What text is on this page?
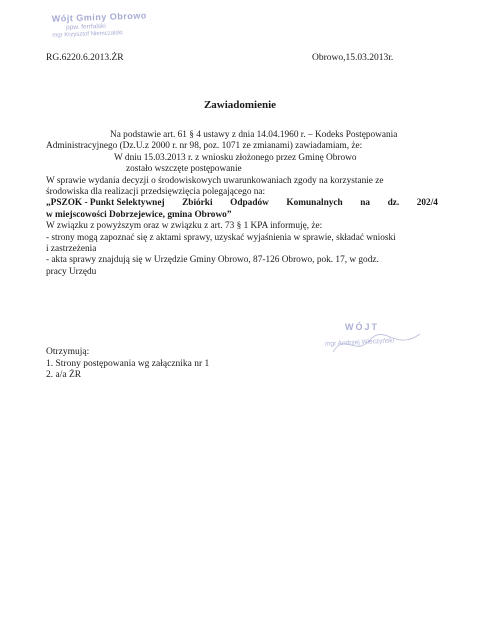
Wójt Gminy Obrowo
ppw. ferrfalski
mgr Krzysztof Niemczalski
RG.6220.6.2013.ŻR	Obrowo,15.03.2013r.
Zawiadomienie
Na podstawie art. 61 § 4 ustawy z dnia 14.04.1960 r. – Kodeks Postępowania
Administracyjnego (Dz.U.z 2000 r. nr 98, poz. 1071 ze zmianami) zawiadamiam, że:
W dniu 15.03.2013 r. z wniosku złożonego przez Gminę Obrowo
zostało wszczęte postępowanie
W sprawie wydania decyzji o środowiskowych uwarunkowaniach zgody na korzystanie ze
środowiska dla realizacji przedsięwzięcia polegającego na:
„PSZOK - Punkt Selektywnej Zbiórki Odpadów Komunalnych na dz. 202/4
w miejscowości Dobrzejewice, gmina Obrowo”
W związku z powyższym oraz w związku z art. 73 § 1 KPA informuję, że:
- strony mogą zapoznać się z aktami sprawy, uzyskać wyjaśnienia w sprawie, składać wnioski
i zastrzeżenia
- akta sprawy znajdują się w Urzędzie Gminy Obrowo, 87-126 Obrowo, pok. 17, w godz.
pracy Urzędu
WÓJT
mgr Andrzej Wieczyński
Otrzymują:
1. Strony postępowania wg załącznika nr 1
2. a/a ŻR
